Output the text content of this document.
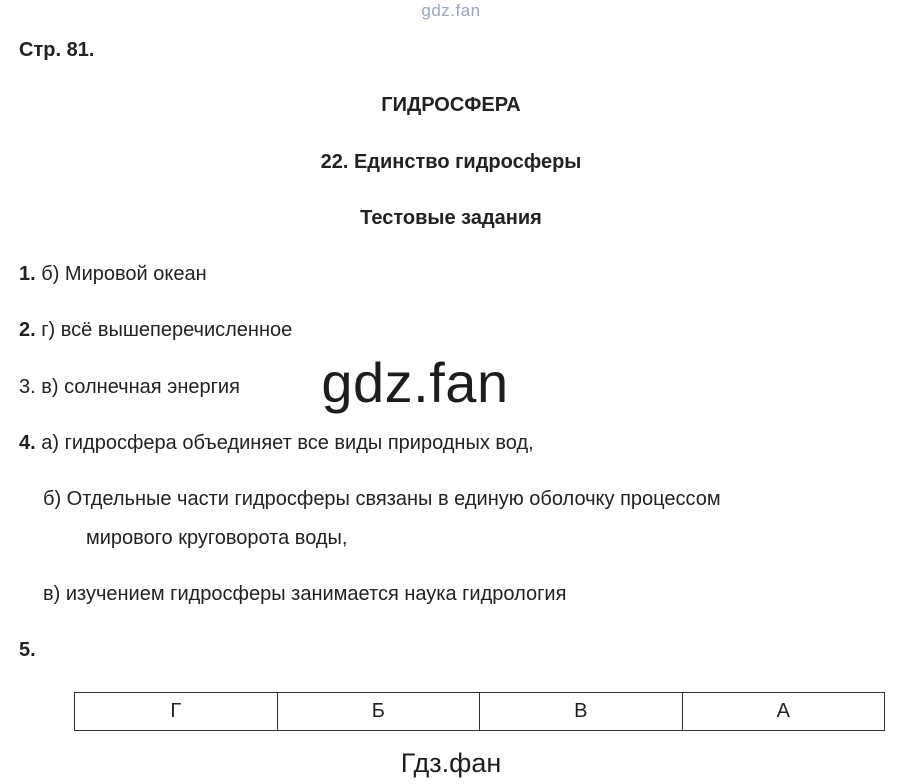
gdz.fan
Стр. 81.
ГИДРОСФЕРА
22. Единство гидросферы
Тестовые задания
1. б) Мировой океан
2. г) всё вышеперечисленное
3. в) солнечная энергия
4. а) гидросфера объединяет все виды природных вод,
б) Отдельные части гидросферы связаны в единую оболочку процессом
мирового круговорота воды,
в) изучением гидросферы занимается наука гидрология
5.
gdz.fan
Г	Б	В	А
Гдз.фан
